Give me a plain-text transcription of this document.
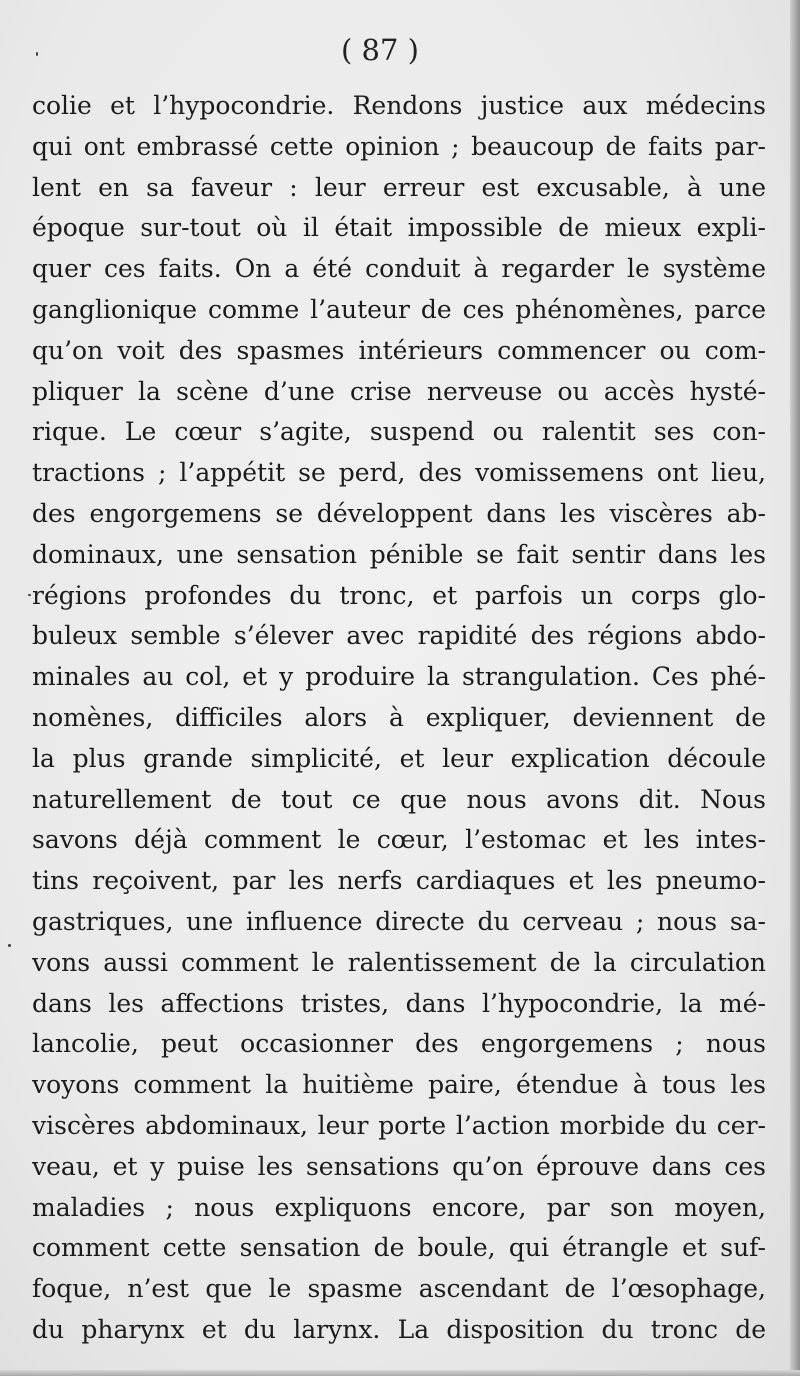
( 87 )
colie et l’hypocondrie. Rendons justice aux médecins
qui ont embrassé cette opinion ; beaucoup de faits par-
lent en sa faveur : leur erreur est excusable, à une
époque sur-tout où il était impossible de mieux expli-
quer ces faits. On a été conduit à regarder le système
ganglionique comme l’auteur de ces phénomènes, parce
qu’on voit des spasmes intérieurs commencer ou com-
pliquer la scène d’une crise nerveuse ou accès hysté-
rique. Le cœur s’agite, suspend ou ralentit ses con-
tractions ; l’appétit se perd, des vomissemens ont lieu,
des engorgemens se développent dans les viscères ab-
dominaux, une sensation pénible se fait sentir dans les
régions profondes du tronc, et parfois un corps glo-
buleux semble s’élever avec rapidité des régions abdo-
minales au col, et y produire la strangulation. Ces phé-
nomènes, difficiles alors à expliquer, deviennent de
la plus grande simplicité, et leur explication découle
naturellement de tout ce que nous avons dit. Nous
savons déjà comment le cœur, l’estomac et les intes-
tins reçoivent, par les nerfs cardiaques et les pneumo-
gastriques, une influence directe du cerveau ; nous sa-
vons aussi comment le ralentissement de la circulation
dans les affections tristes, dans l’hypocondrie, la mé-
lancolie, peut occasionner des engorgemens ; nous
voyons comment la huitième paire, étendue à tous les
viscères abdominaux, leur porte l’action morbide du cer-
veau, et y puise les sensations qu’on éprouve dans ces
maladies ; nous expliquons encore, par son moyen,
comment cette sensation de boule, qui étrangle et suf-
foque, n’est que le spasme ascendant de l’œsophage,
du pharynx et du larynx. La disposition du tronc de
